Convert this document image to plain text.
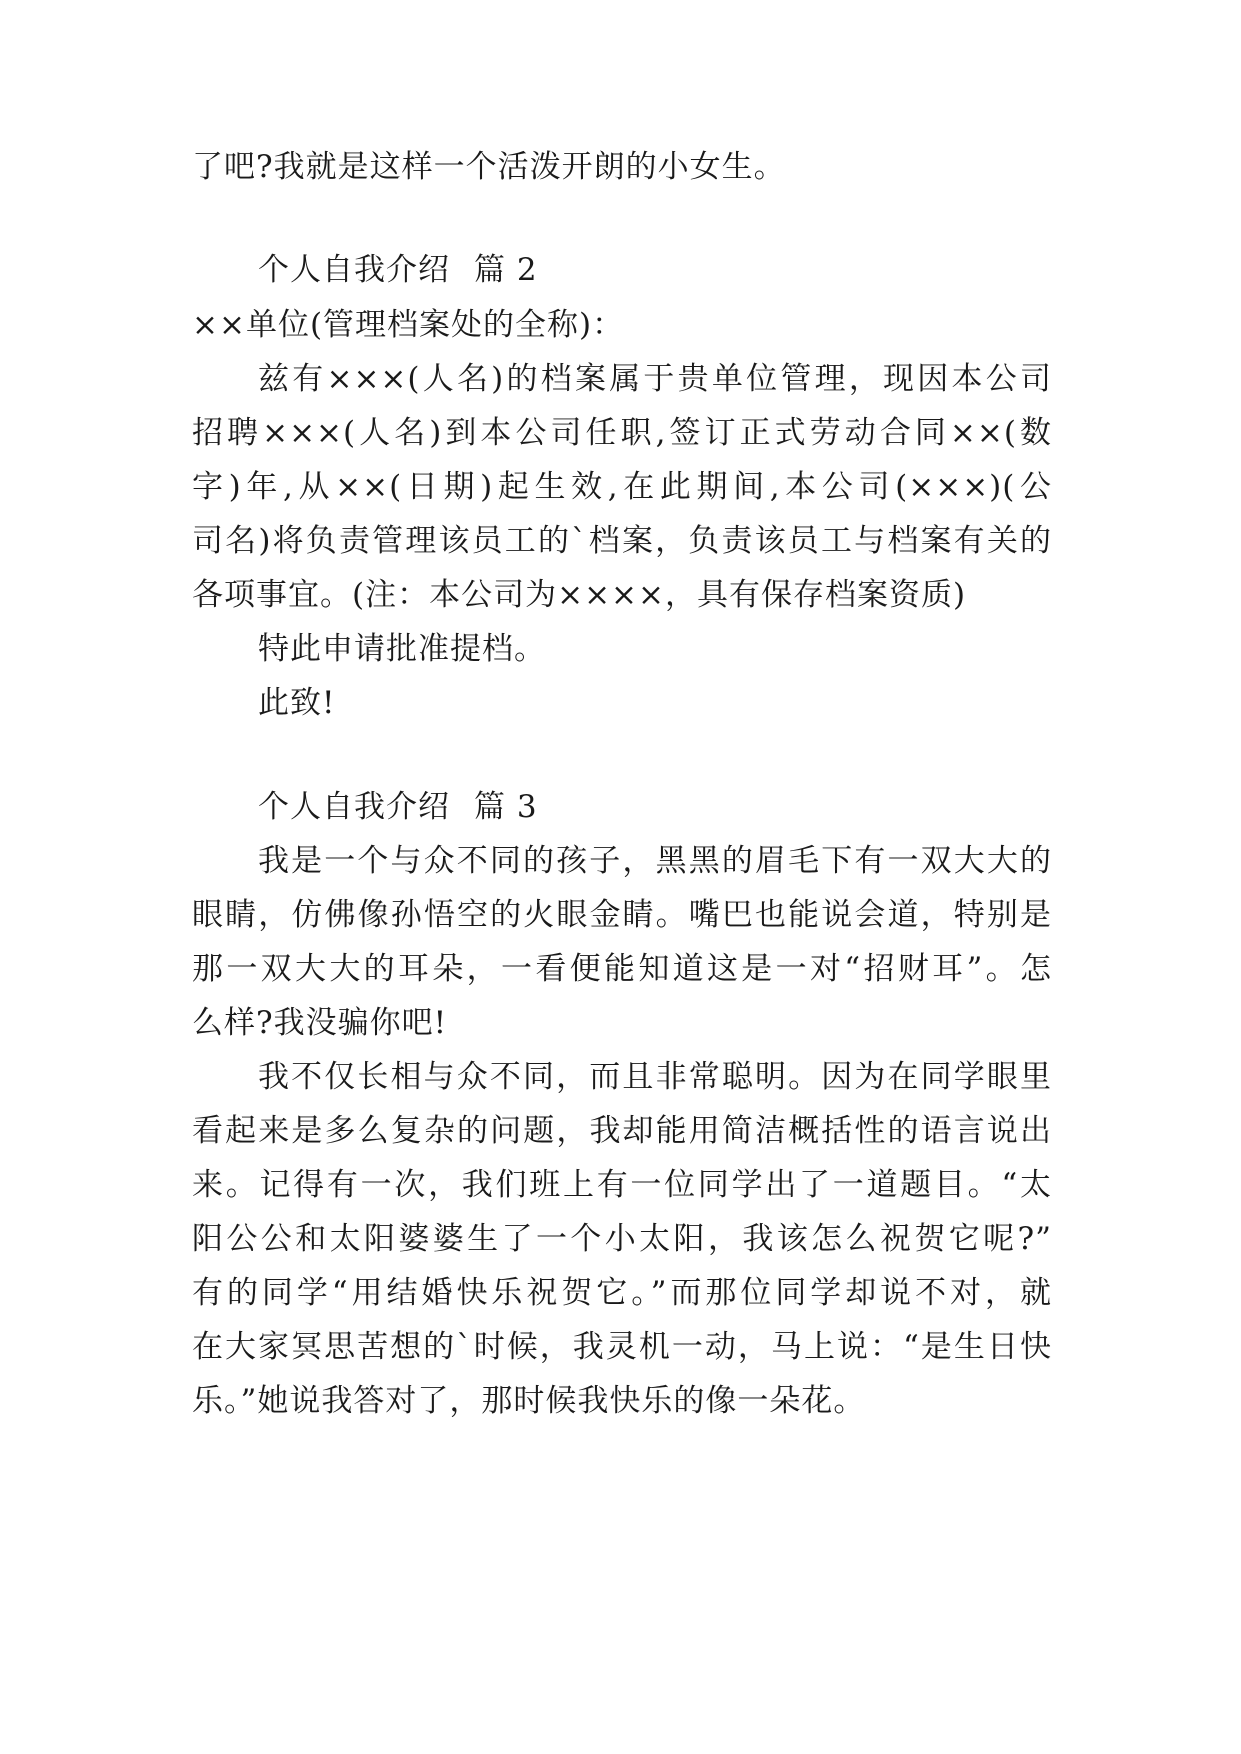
了吧?我就是这样一个活泼开朗的小女生。
个人自我介绍 篇 2
××单位(管理档案处的全称)：
兹有×××(人名)的档案属于贵单位管理，现因本公司
招聘×××(人名)到本公司任职,签订正式劳动合同××(数
字)年,从××(日期)起生效,在此期间,本公司(×××)(公
司名)将负责管理该员工的`档案，负责该员工与档案有关的
各项事宜。(注：本公司为××××，具有保存档案资质)
特此申请批准提档。
此致!
个人自我介绍 篇 3
我是一个与众不同的孩子，黑黑的眉毛下有一双大大的
眼睛，仿佛像孙悟空的火眼金睛。嘴巴也能说会道，特别是
那一双大大的耳朵，一看便能知道这是一对“招财耳”。怎
么样?我没骗你吧!
我不仅长相与众不同，而且非常聪明。因为在同学眼里
看起来是多么复杂的问题，我却能用简洁概括性的语言说出
来。记得有一次，我们班上有一位同学出了一道题目。“太
阳公公和太阳婆婆生了一个小太阳，我该怎么祝贺它呢?”
有的同学“用结婚快乐祝贺它。”而那位同学却说不对，就
在大家冥思苦想的`时候，我灵机一动，马上说：“是生日快
乐。”她说我答对了，那时候我快乐的像一朵花。
